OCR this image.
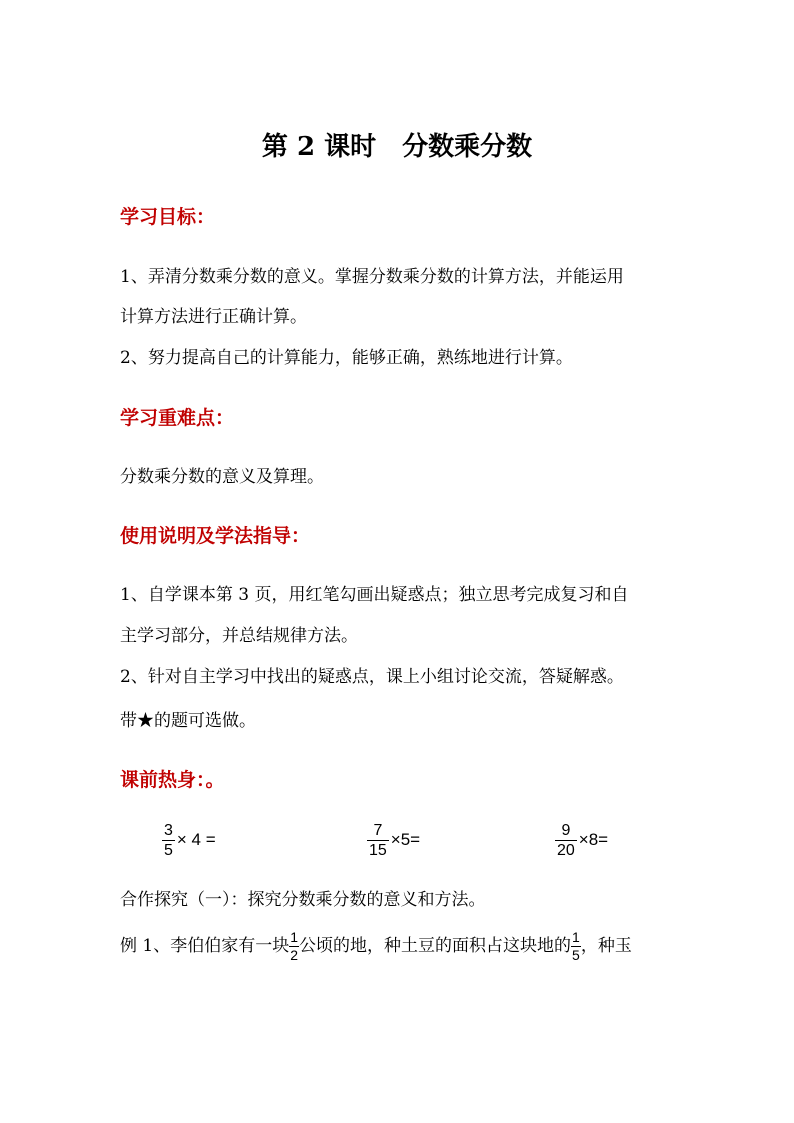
第 2 课时　分数乘分数
学习目标：
1、弄清分数乘分数的意义。掌握分数乘分数的计算方法，并能运用
计算方法进行正确计算。
2、努力提高自己的计算能力，能够正确，熟练地进行计算。
学习重难点：
分数乘分数的意义及算理。
使用说明及学法指导：
1、自学课本第 3 页，用红笔勾画出疑惑点；独立思考完成复习和自
主学习部分，并总结规律方法。
2、针对自主学习中找出的疑惑点，课上小组讨论交流，答疑解惑。
带★的题可选做。
课前热身：。
$\frac{3}{5} \times 4$ =	$\frac{7}{15} \times 5=$	$\frac{9}{20} \times 8=$
合作探究（一）：探究分数乘分数的意义和方法。
例 1、李伯伯家有一块 $\frac{1}{2}$ 公顷的地，种土豆的面积占这块地的 $\frac{1}{5}$ ，种玉
